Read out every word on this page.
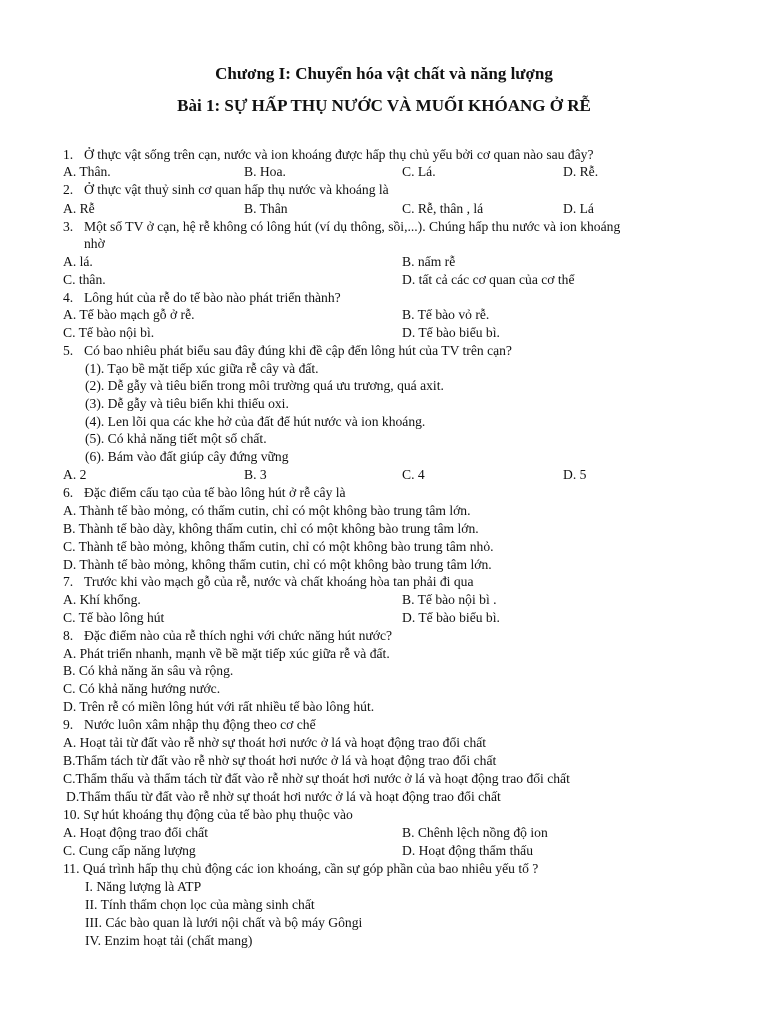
Chương I: Chuyển hóa vật chất và năng lượng
Bài 1: SỰ HẤP THỤ NƯỚC VÀ MUỐI KHÓANG Ở RỄ
1. Ở thực vật sống trên cạn, nước và ion khoáng được hấp thụ chủ yếu bởi cơ quan nào sau đây?
A. Thân.	B. Hoa.	C. Lá.	D. Rễ.
2. Ở thực vật thuỷ sinh cơ quan hấp thụ nước và khoáng là
A. Rễ	B. Thân	C. Rễ, thân , lá	D. Lá
3. Một số TV ở cạn, hệ rễ không có lông hút (ví dụ thông, sồi,...). Chúng hấp thu nước và ion khoáng
nhờ
A. lá.	B. nấm rễ
C. thân.	D. tất cả các cơ quan của cơ thể
4. Lông hút của rễ do tế bào nào phát triển thành?
A. Tế bào mạch gỗ ở rễ.	B. Tế bào vỏ rễ.
C. Tế bào nội bì.	D. Tế bào biểu bì.
5. Có bao nhiêu phát biểu sau đây đúng khi đề cập đến lông hút của TV trên cạn?
(1). Tạo bề mặt tiếp xúc giữa rễ cây và đất.
(2). Dễ gẫy và tiêu biến trong môi trường quá ưu trương, quá axit.
(3). Dễ gẫy và tiêu biến khi thiếu oxi.
(4). Len lõi qua các khe hở của đất để hút nước và ion khoáng.
(5). Có khả năng tiết một số chất.
(6). Bám vào đất giúp cây đứng vững
A. 2	B. 3	C. 4	D. 5
6. Đặc điểm cấu tạo của tế bào lông hút ở rễ cây là
A. Thành tế bào mỏng, có thấm cutin, chỉ có một không bào trung tâm lớn.
B. Thành tế bào dày, không thấm cutin, chỉ có một không bào trung tâm lớn.
C. Thành tế bào mỏng, không thấm cutin, chỉ có một không bào trung tâm nhỏ.
D. Thành tế bào mỏng, không thấm cutin, chỉ có một không bào trung tâm lớn.
7. Trước khi vào mạch gỗ của rễ, nước và chất khoáng hòa tan phải đi qua
A. Khí khổng.	B. Tế bào nội bì .
C. Tế bào lông hút	D. Tế bào biểu bì.
8. Đặc điểm nào của rễ thích nghi với chức năng hút nước?
A. Phát triển nhanh, mạnh về bề mặt tiếp xúc giữa rễ và đất.
B. Có khả năng ăn sâu và rộng.
C. Có khả năng hướng nước.
D. Trên rễ có miền lông hút với rất nhiều tế bào lông hút.
9. Nước luôn xâm nhập thụ động theo cơ chế
A. Hoạt tải từ đất vào rễ nhờ sự thoát hơi nước ở lá và hoạt động trao đổi chất
B.Thẩm tách từ đất vào rễ nhờ sự thoát hơi nước ở lá và hoạt động trao đổi chất
C.Thẩm thấu và thẩm tách từ đất vào rễ nhờ sự thoát hơi nước ở lá và hoạt động trao đổi chất
D.Thẩm thấu từ đất vào rễ nhờ sự thoát hơi nước ở lá và hoạt động trao đổi chất
10. Sự hút khoáng thụ động của tế bào phụ thuộc vào
A. Hoạt động trao đổi chất	B. Chênh lệch nồng độ ion
C. Cung cấp năng lượng	D. Hoạt động thẩm thấu
11. Quá trình hấp thụ chủ động các ion khoáng, cần sự góp phần của bao nhiêu yếu tố ?
I. Năng lượng là ATP
II. Tính thấm chọn lọc của màng sinh chất
III. Các bào quan là lưới nội chất và bộ máy Gôngi
IV. Enzim hoạt tải (chất mang)
